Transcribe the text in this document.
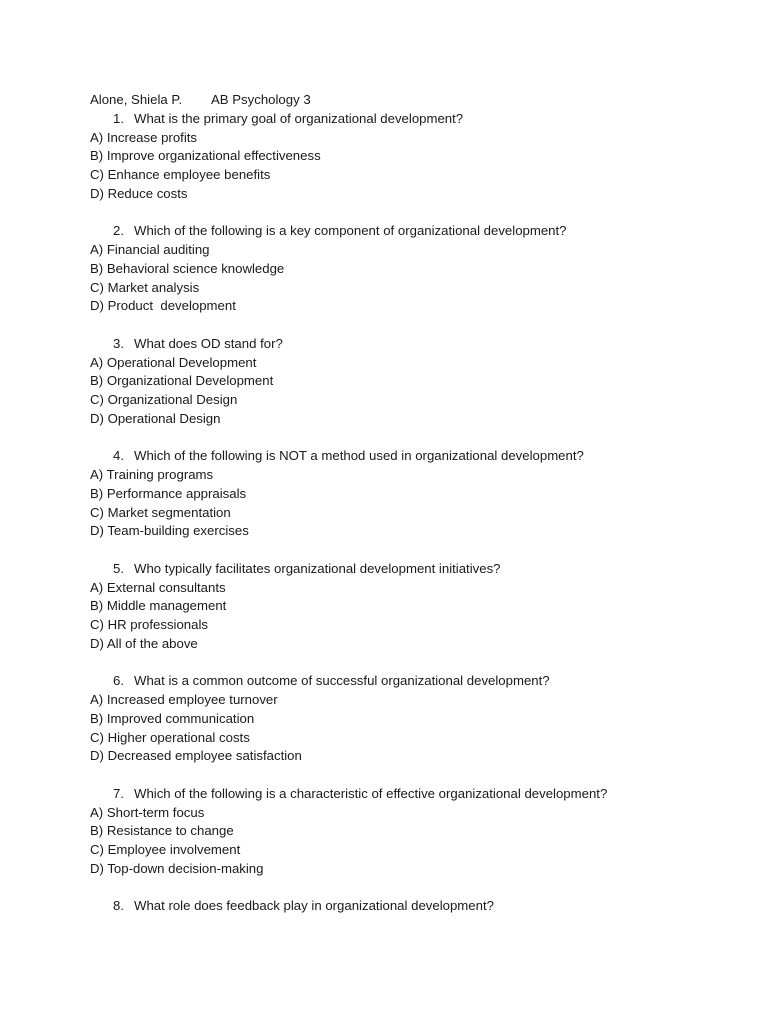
Alone, Shiela P. AB Psychology 3
1. What is the primary goal of organizational development?
A) Increase profits
B) Improve organizational effectiveness
C) Enhance employee benefits
D) Reduce costs
2. Which of the following is a key component of organizational development?
A) Financial auditing
B) Behavioral science knowledge
C) Market analysis
D) Product  development
3. What does OD stand for?
A) Operational Development
B) Organizational Development
C) Organizational Design
D) Operational Design
4. Which of the following is NOT a method used in organizational development?
A) Training programs
B) Performance appraisals
C) Market segmentation
D) Team-building exercises
5. Who typically facilitates organizational development initiatives?
A) External consultants
B) Middle management
C) HR professionals
D) All of the above
6. What is a common outcome of successful organizational development?
A) Increased employee turnover
B) Improved communication
C) Higher operational costs
D) Decreased employee satisfaction
7. Which of the following is a characteristic of effective organizational development?
A) Short-term focus
B) Resistance to change
C) Employee involvement
D) Top-down decision-making
8. What role does feedback play in organizational development?
